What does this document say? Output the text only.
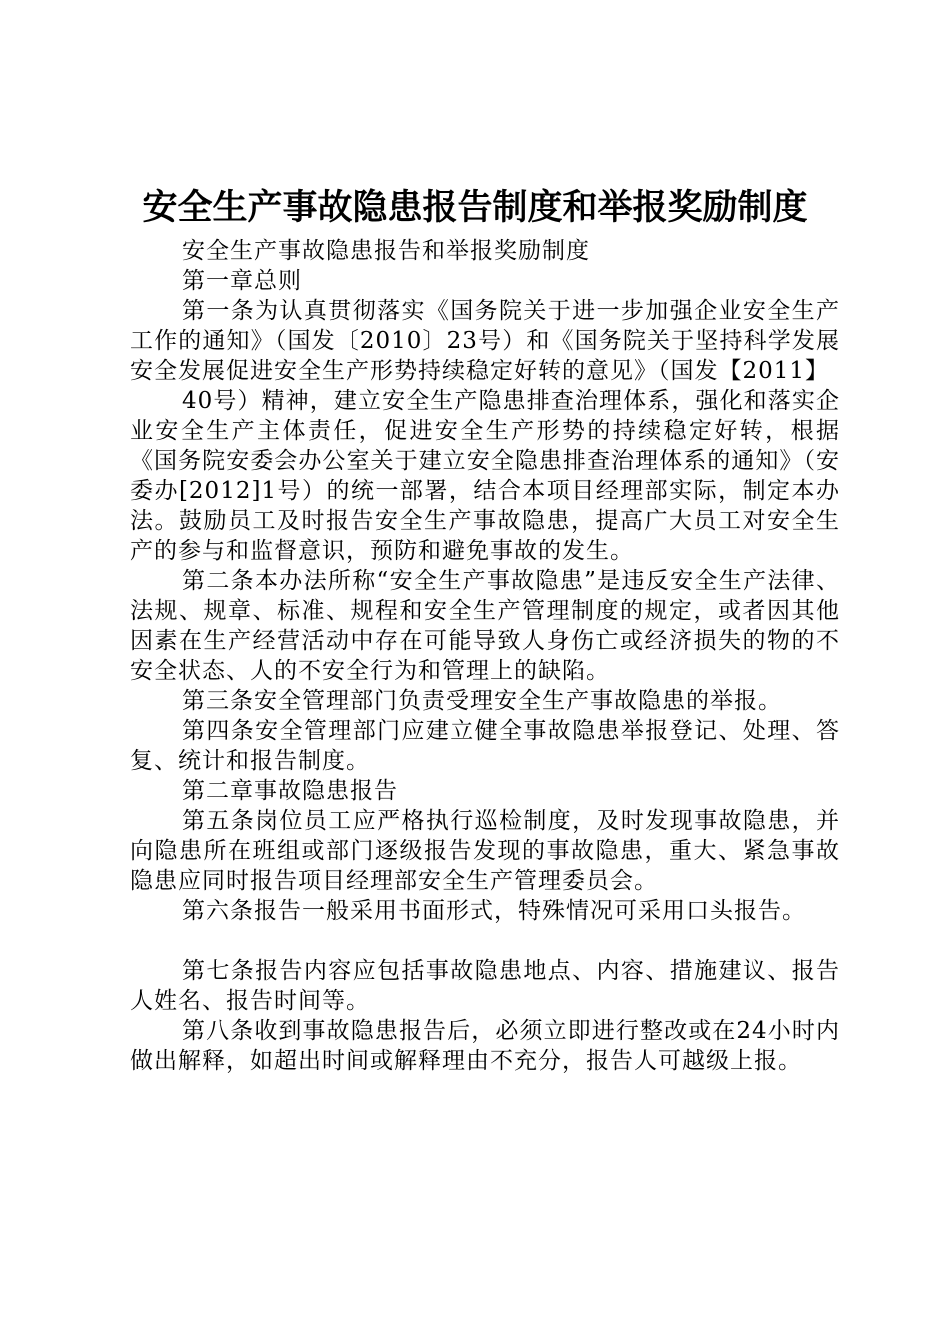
安全生产事故隐患报告制度和举报奖励制度

安全生产事故隐患报告和举报奖励制度

第一章总则

第一条为认真贯彻落实《国务院关于进一步加强企业安全生产工作的通知》（国发〔2010〕23号）和《国务院关于坚持科学发展安全发展促进安全生产形势持续稳定好转的意见》（国发【2011】

40号）精神，建立安全生产隐患排查治理体系，强化和落实企业安全生产主体责任，促进安全生产形势的持续稳定好转，根据《国务院安委会办公室关于建立安全隐患排查治理体系的通知》（安委办[2012]1号）的统一部署，结合本项目经理部实际，制定本办法。鼓励员工及时报告安全生产事故隐患，提高广大员工对安全生产的参与和监督意识，预防和避免事故的发生。

第二条本办法所称“安全生产事故隐患”是违反安全生产法律、法规、规章、标准、规程和安全生产管理制度的规定，或者因其他因素在生产经营活动中存在可能导致人身伤亡或经济损失的物的不安全状态、人的不安全行为和管理上的缺陷。

第三条安全管理部门负责受理安全生产事故隐患的举报。

第四条安全管理部门应建立健全事故隐患举报登记、处理、答复、统计和报告制度。

第二章事故隐患报告

第五条岗位员工应严格执行巡检制度，及时发现事故隐患，并向隐患所在班组或部门逐级报告发现的事故隐患，重大、紧急事故隐患应同时报告项目经理部安全生产管理委员会。

第六条报告一般采用书面形式，特殊情况可采用口头报告。

第七条报告内容应包括事故隐患地点、内容、措施建议、报告人姓名、报告时间等。

第八条收到事故隐患报告后，必须立即进行整改或在24小时内做出解释，如超出时间或解释理由不充分，报告人可越级上报。
